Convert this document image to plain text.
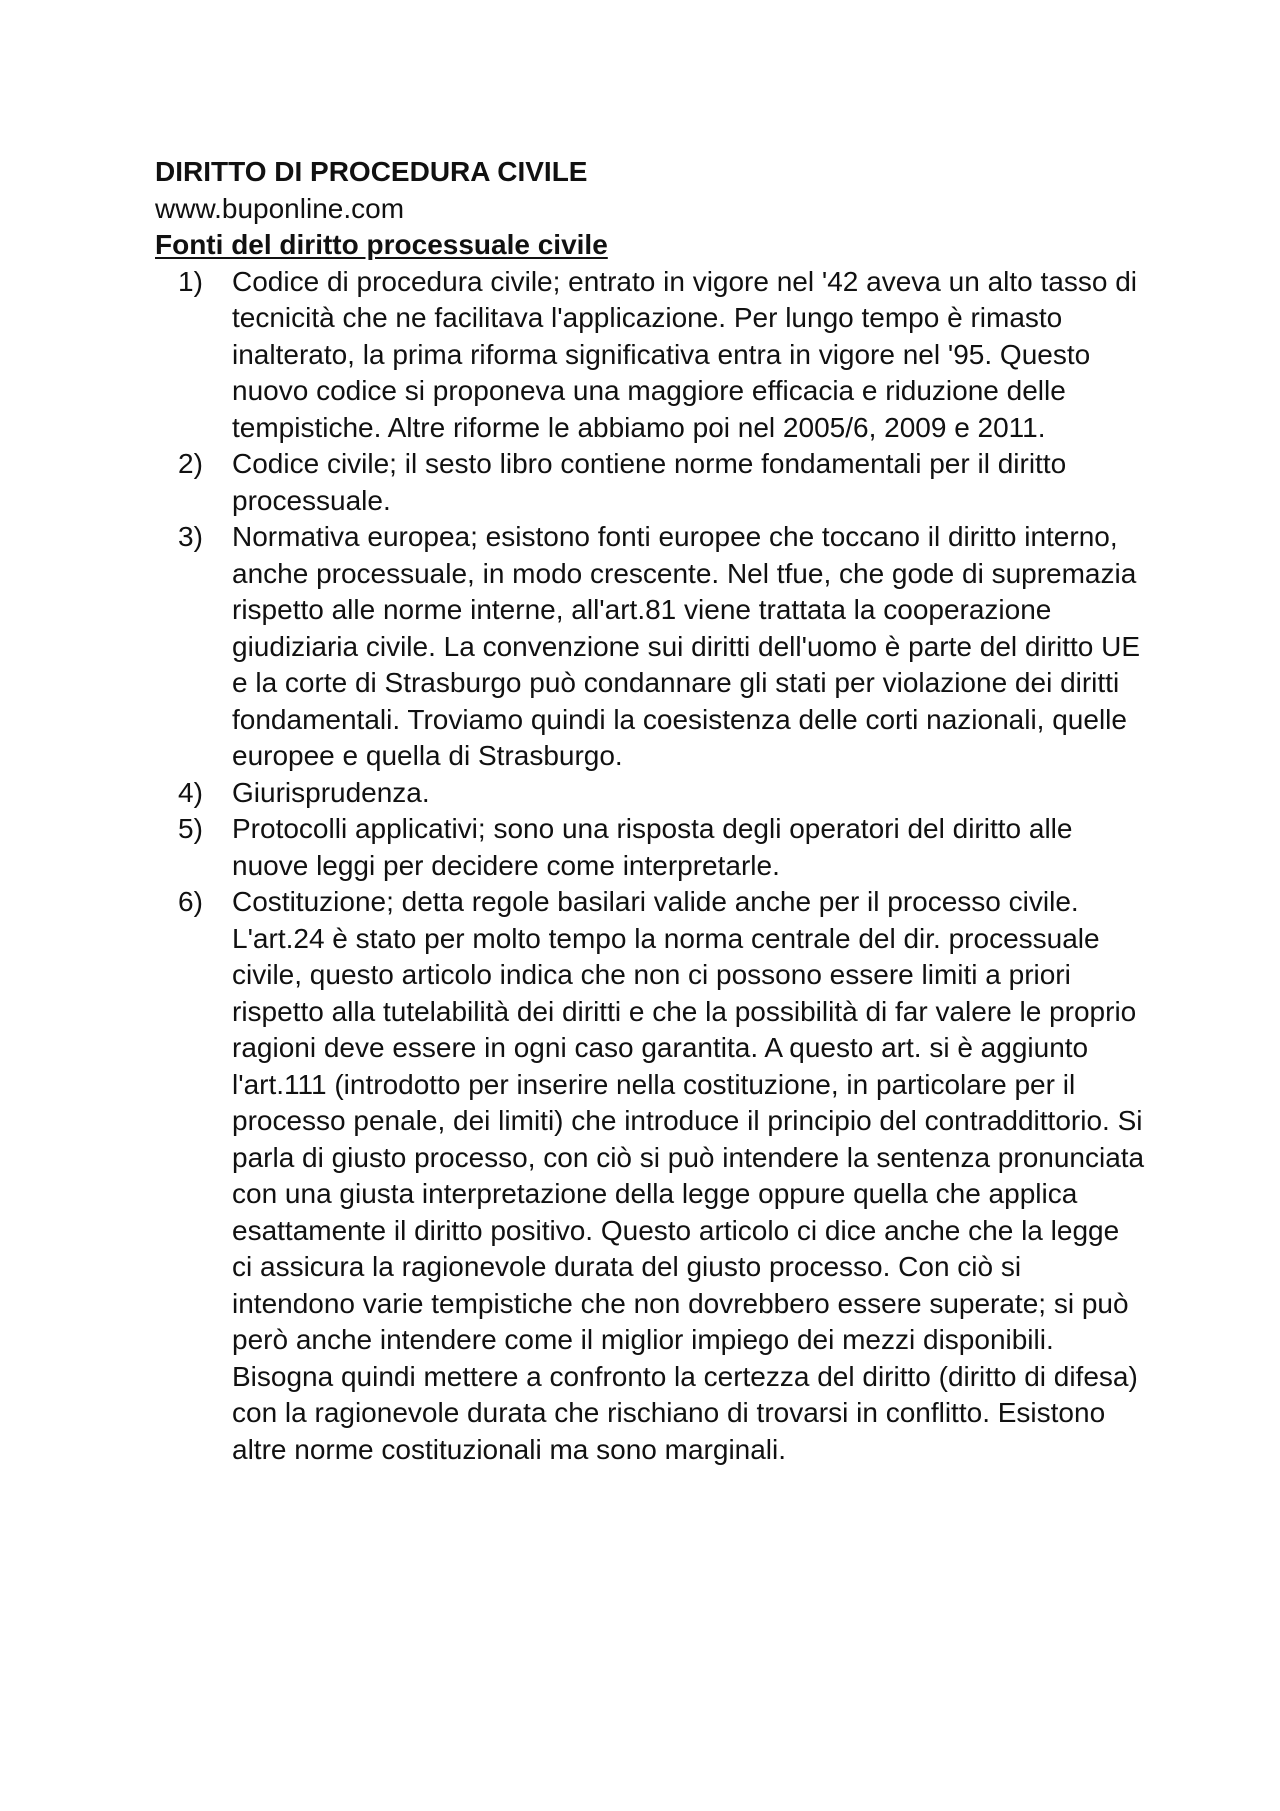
DIRITTO DI PROCEDURA CIVILE

www.buponline.com

Fonti del diritto processuale civile

1) Codice di procedura civile; entrato in vigore nel '42 aveva un alto tasso di tecnicità che ne facilitava l'applicazione. Per lungo tempo è rimasto inalterato, la prima riforma significativa entra in vigore nel '95. Questo nuovo codice si proponeva una maggiore efficacia e riduzione delle tempistiche. Altre riforme le abbiamo poi nel 2005/6, 2009 e 2011.
2) Codice civile; il sesto libro contiene norme fondamentali per il diritto processuale.
3) Normativa europea; esistono fonti europee che toccano il diritto interno, anche processuale, in modo crescente. Nel tfue, che gode di supremazia rispetto alle norme interne, all'art.81 viene trattata la cooperazione giudiziaria civile. La convenzione sui diritti dell'uomo è parte del diritto UE e la corte di Strasburgo può condannare gli stati per violazione dei diritti fondamentali. Troviamo quindi la coesistenza delle corti nazionali, quelle europee e quella di Strasburgo.
4) Giurisprudenza.
5) Protocolli applicativi; sono una risposta degli operatori del diritto alle nuove leggi per decidere come interpretarle.
6) Costituzione; detta regole basilari valide anche per il processo civile. L'art.24 è stato per molto tempo la norma centrale del dir. processuale civile, questo articolo indica che non ci possono essere limiti a priori rispetto alla tutelabilità dei diritti e che la possibilità di far valere le proprio ragioni deve essere in ogni caso garantita. A questo art. si è aggiunto l'art.111 (introdotto per inserire nella costituzione, in particolare per il processo penale, dei limiti) che introduce il principio del contraddittorio. Si parla di giusto processo, con ciò si può intendere la sentenza pronunciata con una giusta interpretazione della legge oppure quella che applica esattamente il diritto positivo. Questo articolo ci dice anche che la legge ci assicura la ragionevole durata del giusto processo. Con ciò si intendono varie tempistiche che non dovrebbero essere superate; si può però anche intendere come il miglior impiego dei mezzi disponibili. Bisogna quindi mettere a confronto la certezza del diritto (diritto di difesa) con la ragionevole durata che rischiano di trovarsi in conflitto. Esistono altre norme costituzionali ma sono marginali.
